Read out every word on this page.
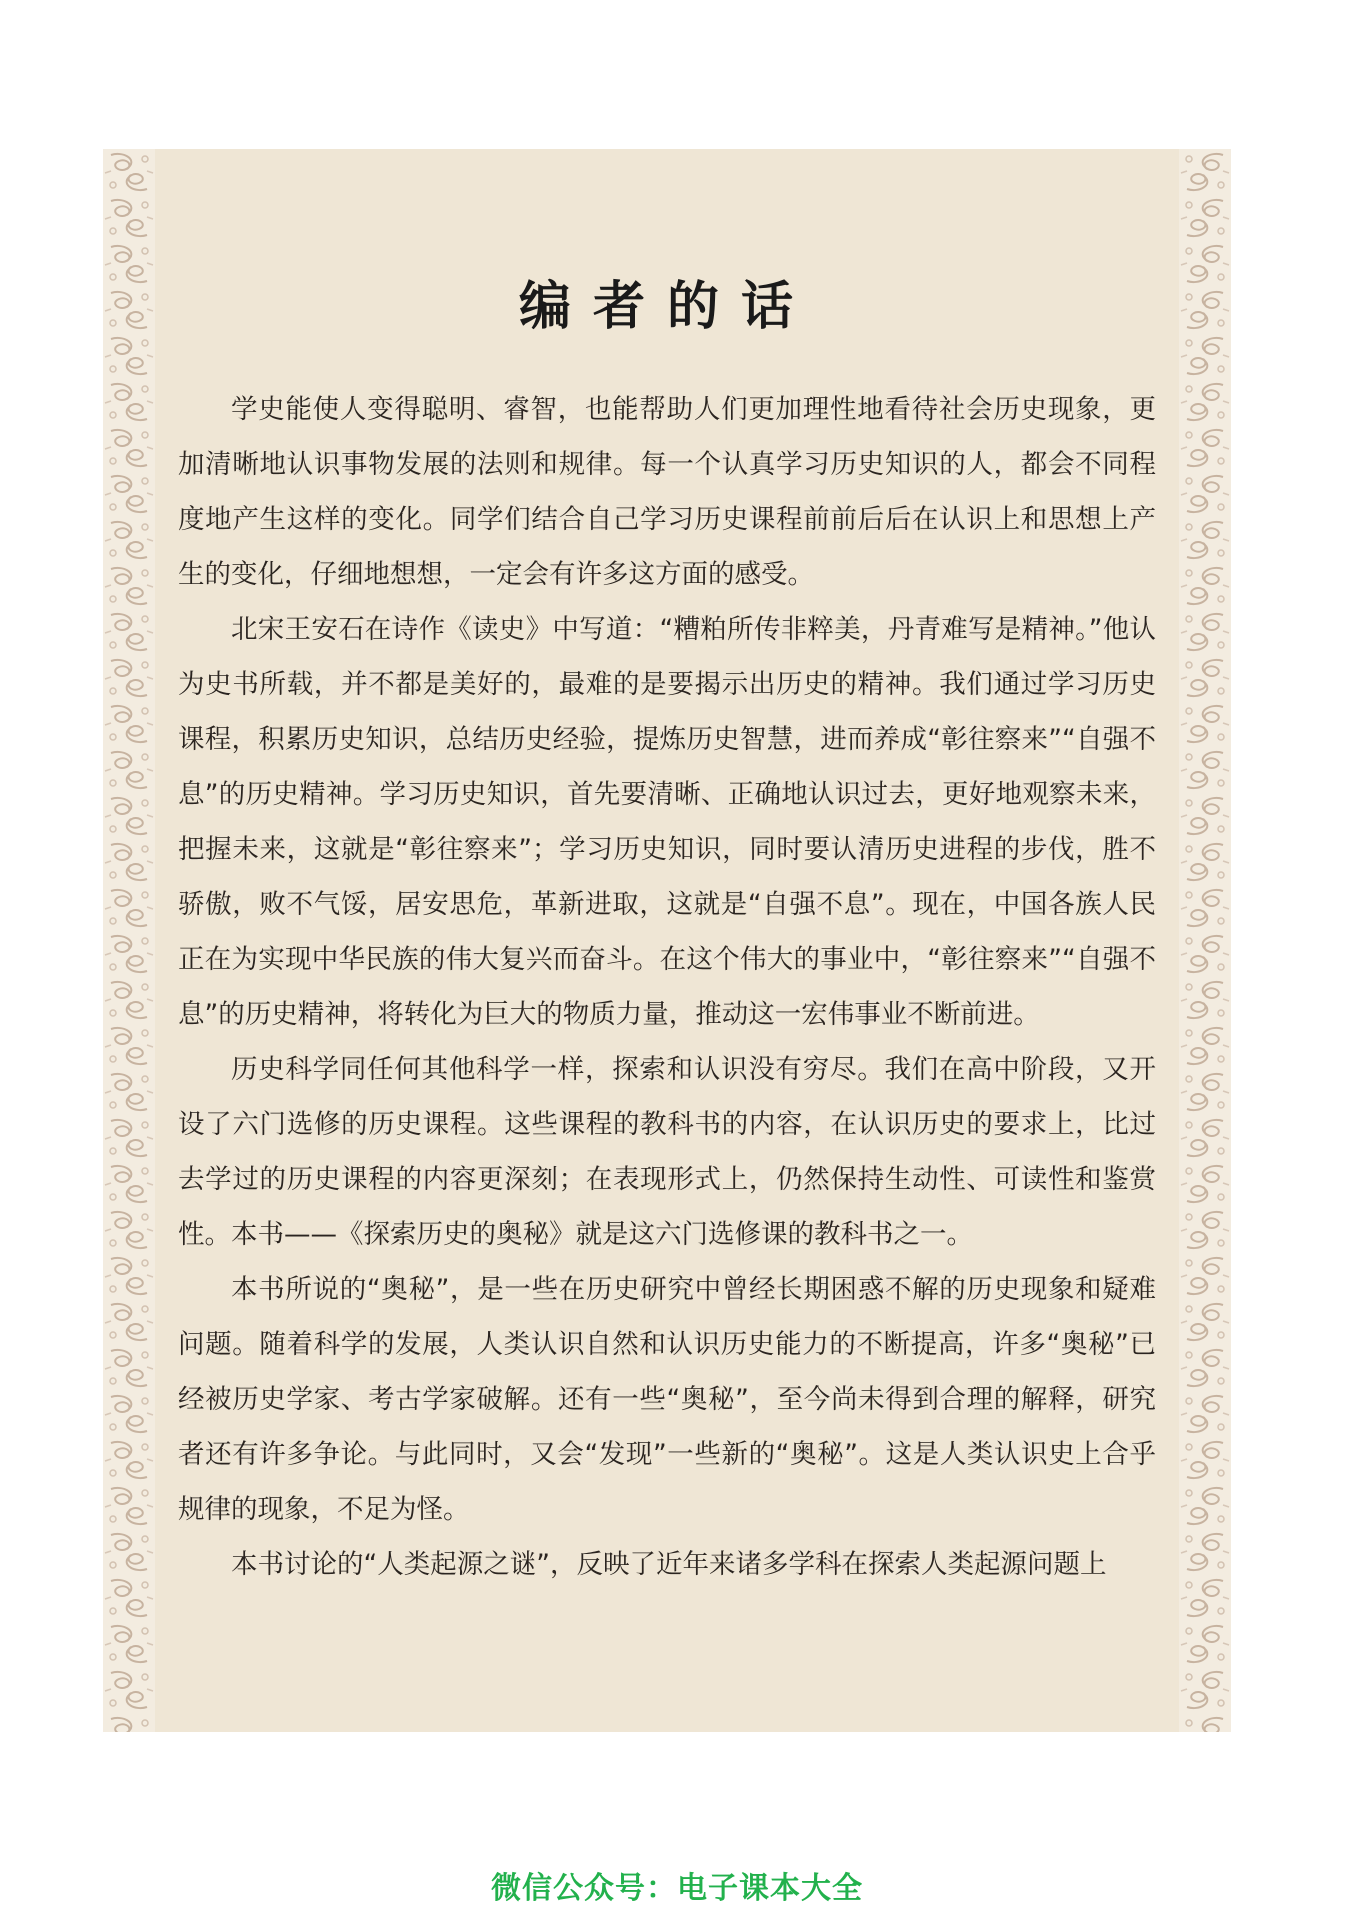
编者的话

学史能使人变得聪明、睿智，也能帮助人们更加理性地看待社会历史现象，更加清晰地认识事物发展的法则和规律。每一个认真学习历史知识的人，都会不同程度地产生这样的变化。同学们结合自己学习历史课程前前后后在认识上和思想上产生的变化，仔细地想想，一定会有许多这方面的感受。

北宋王安石在诗作《读史》中写道：“糟粕所传非粹美，丹青难写是精神。”他认为史书所载，并不都是美好的，最难的是要揭示出历史的精神。我们通过学习历史课程，积累历史知识，总结历史经验，提炼历史智慧，进而养成“彰往察来”“自强不息”的历史精神。学习历史知识，首先要清晰、正确地认识过去，更好地观察未来，把握未来，这就是“彰往察来”；学习历史知识，同时要认清历史进程的步伐，胜不骄傲，败不气馁，居安思危，革新进取，这就是“自强不息”。现在，中国各族人民正在为实现中华民族的伟大复兴而奋斗。在这个伟大的事业中，“彰往察来”“自强不息”的历史精神，将转化为巨大的物质力量，推动这一宏伟事业不断前进。

历史科学同任何其他科学一样，探索和认识没有穷尽。我们在高中阶段，又开设了六门选修的历史课程。这些课程的教科书的内容，在认识历史的要求上，比过去学过的历史课程的内容更深刻；在表现形式上，仍然保持生动性、可读性和鉴赏性。本书——《探索历史的奥秘》就是这六门选修课的教科书之一。

本书所说的“奥秘”，是一些在历史研究中曾经长期困惑不解的历史现象和疑难问题。随着科学的发展，人类认识自然和认识历史能力的不断提高，许多“奥秘”已经被历史学家、考古学家破解。还有一些“奥秘”，至今尚未得到合理的解释，研究者还有许多争论。与此同时，又会“发现”一些新的“奥秘”。这是人类认识史上合乎规律的现象，不足为怪。

本书讨论的“人类起源之谜”，反映了近年来诸多学科在探索人类起源问题上

微信公众号：电子课本大全
